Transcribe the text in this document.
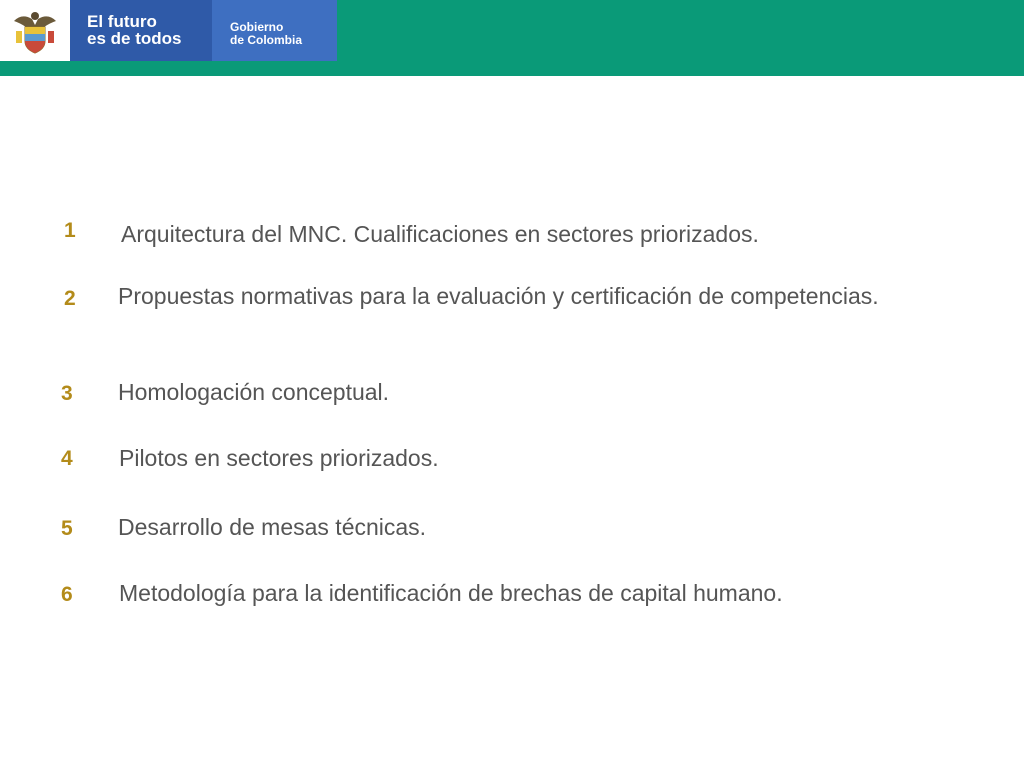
El futuro
es de todos
Gobierno
de Colombia

AVANCES COORDINACIÓN

INTERINSTITUCIONNAL  A 2017

1 Arquitectura del MNC. Cualificaciones en sectores priorizados.
2 Propuestas normativas para la evaluación y certificación de competencias.
3 Homologación conceptual.
4 Pilotos en sectores priorizados.
5 Desarrollo de mesas técnicas.
6 Metodología para la identificación de brechas de capital humano.
